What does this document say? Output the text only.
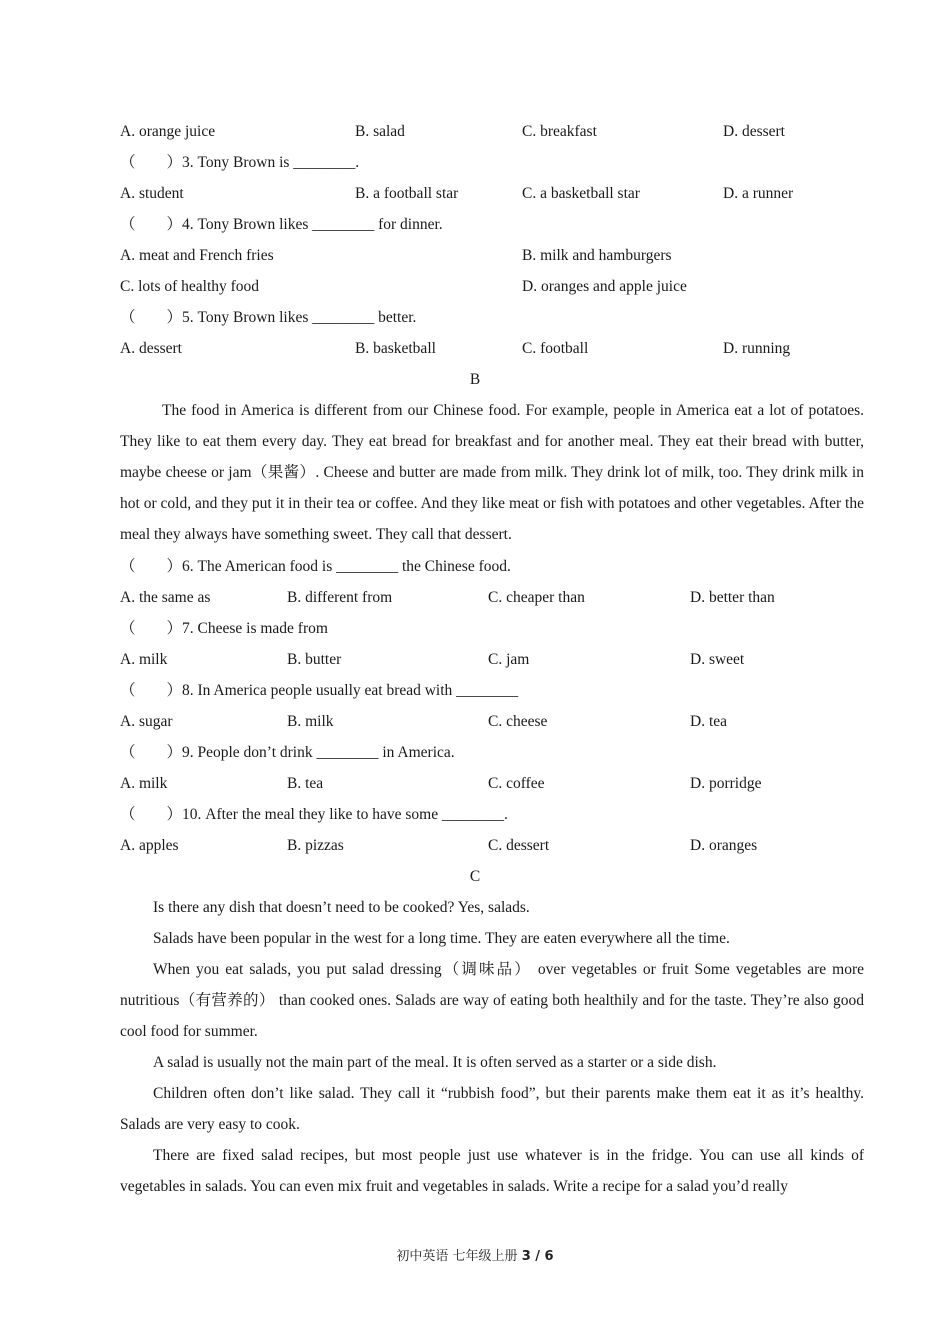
A. orange juice	B. salad	C. breakfast	D. dessert
（　　）3. Tony Brown is ________.
A. student	B. a football star	C. a basketball star	D. a runner
（　　）4. Tony Brown likes ________ for dinner.
A. meat and French fries	B. milk and hamburgers
C. lots of healthy food	D. oranges and apple juice
（　　）5. Tony Brown likes ________ better.
A. dessert	B. basketball	C. football	D. running
B

The food in America is different from our Chinese food. For example, people in America eat a lot of potatoes. They like to eat them every day. They eat bread for breakfast and for another meal. They eat their bread with butter, maybe cheese or jam（果酱）. Cheese and butter are made from milk. They drink lot of milk, too. They drink milk in hot or cold, and they put it in their tea or coffee. And they like meat or fish with potatoes and other vegetables. After the meal they always have something sweet. They call that dessert.

（　　）6. The American food is ________ the Chinese food.
A. the same as	B. different from	C. cheaper than	D. better than
（　　）7. Cheese is made from
A. milk	B. butter	C. jam	D. sweet
（　　）8. In America people usually eat bread with ________
A. sugar	B. milk	C. cheese	D. tea
（　　）9. People don’t drink ________ in America.
A. milk	B. tea	C. coffee	D. porridge
（　　）10. After the meal they like to have some ________.
A. apples	B. pizzas	C. dessert	D. oranges
C

Is there any dish that doesn’t need to be cooked? Yes, salads.

Salads have been popular in the west for a long time. They are eaten everywhere all the time.

When you eat salads, you put salad dressing（调味品） over vegetables or fruit Some vegetables are more nutritious（有营养的） than cooked ones. Salads are way of eating both healthily and for the taste. They’re also good cool food for summer.

A salad is usually not the main part of the meal. It is often served as a starter or a side dish.

Children often don’t like salad. They call it “rubbish food”, but their parents make them eat it as it’s healthy. Salads are very easy to cook.

There are fixed salad recipes, but most people just use whatever is in the fridge. You can use all kinds of vegetables in salads. You can even mix fruit and vegetables in salads. Write a recipe for a salad you’d really

初中英语 七年级上册 3 / 6
